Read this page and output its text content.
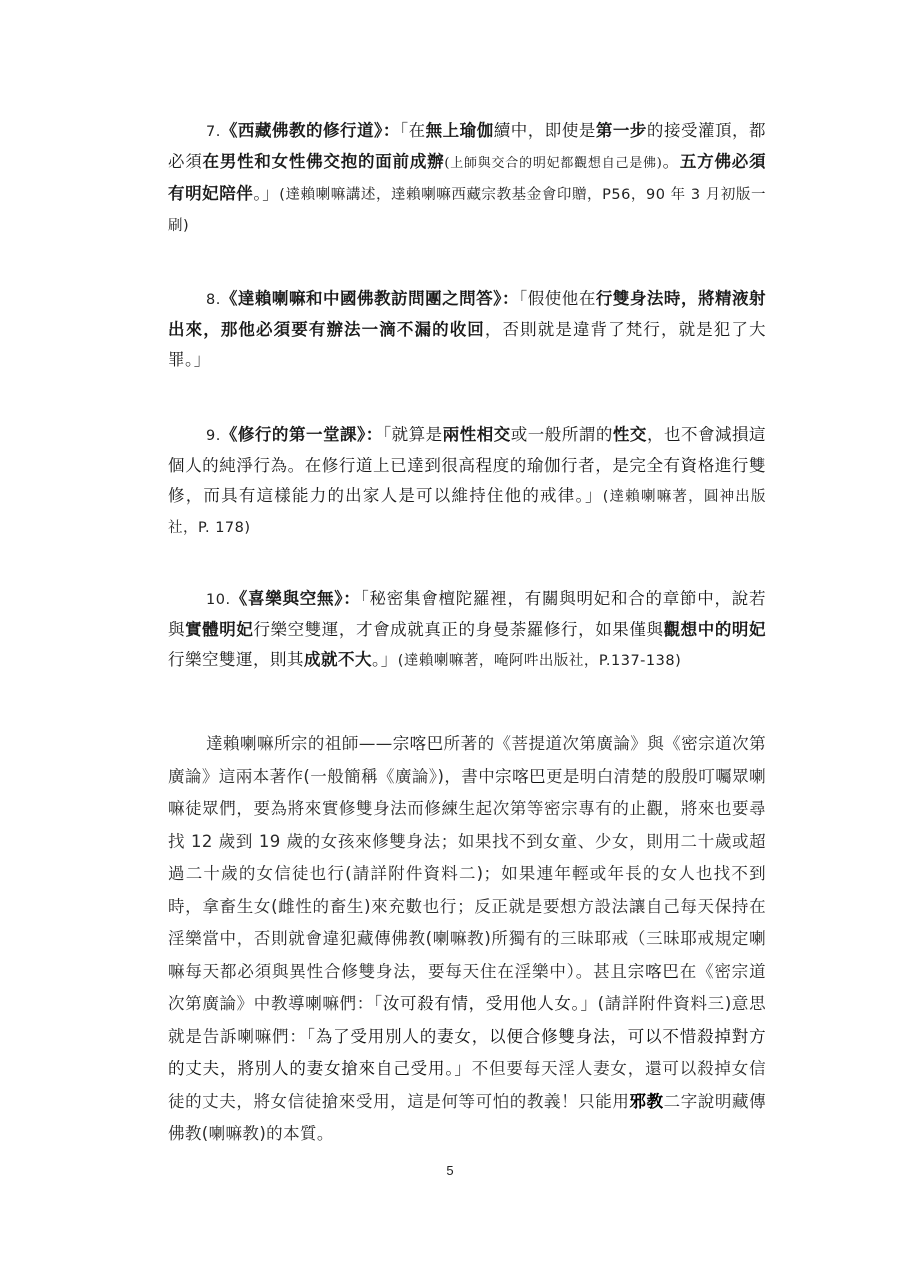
7.《西藏佛教的修行道》：「在無上瑜伽續中，即使是第一步的接受灌頂，都必須在男性和女性佛交抱的面前成辦(上師與交合的明妃都觀想自己是佛)。五方佛必須有明妃陪伴。」(達賴喇嘛講述，達賴喇嘛西藏宗教基金會印贈，P56，90 年 3 月初版一刷)
8.《達賴喇嘛和中國佛教訪問團之問答》：「假使他在行雙身法時，將精液射出來，那他必須要有辦法一滴不漏的收回，否則就是違背了梵行，就是犯了大罪。」
9.《修行的第一堂課》：「就算是兩性相交或一般所謂的性交，也不會減損這個人的純淨行為。在修行道上已達到很高程度的瑜伽行者，是完全有資格進行雙修，而具有這樣能力的出家人是可以維持住他的戒律。」(達賴喇嘛著，圓神出版社，P. 178)
10.《喜樂與空無》：「秘密集會檀陀羅裡，有關與明妃和合的章節中，說若與實體明妃行樂空雙運，才會成就真正的身曼荼羅修行，如果僅與觀想中的明妃行樂空雙運，則其成就不大。」(達賴喇嘛著，唵阿吽出版社，P.137-138)
達賴喇嘛所宗的祖師——宗喀巴所著的《菩提道次第廣論》與《密宗道次第廣論》這兩本著作(一般簡稱《廣論》)，書中宗喀巴更是明白清楚的殷殷叮囑眾喇嘛徒眾們，要為將來實修雙身法而修練生起次第等密宗專有的止觀，將來也要尋找 12 歲到 19 歲的女孩來修雙身法；如果找不到女童、少女，則用二十歲或超過二十歲的女信徒也行(請詳附件資料二)；如果連年輕或年長的女人也找不到時，拿畜生女(雌性的畜生)來充數也行；反正就是要想方設法讓自己每天保持在淫樂當中，否則就會違犯藏傳佛教(喇嘛教)所獨有的三昧耶戒（三昧耶戒規定喇嘛每天都必須與異性合修雙身法，要每天住在淫樂中）。甚且宗喀巴在《密宗道次第廣論》中教導喇嘛們：「汝可殺有情，受用他人女。」(請詳附件資料三)意思就是告訴喇嘛們：「為了受用別人的妻女，以便合修雙身法，可以不惜殺掉對方的丈夫，將別人的妻女搶來自己受用。」不但要每天淫人妻女，還可以殺掉女信徒的丈夫，將女信徒搶來受用，這是何等可怕的教義！只能用邪教二字說明藏傳佛教(喇嘛教)的本質。
5
